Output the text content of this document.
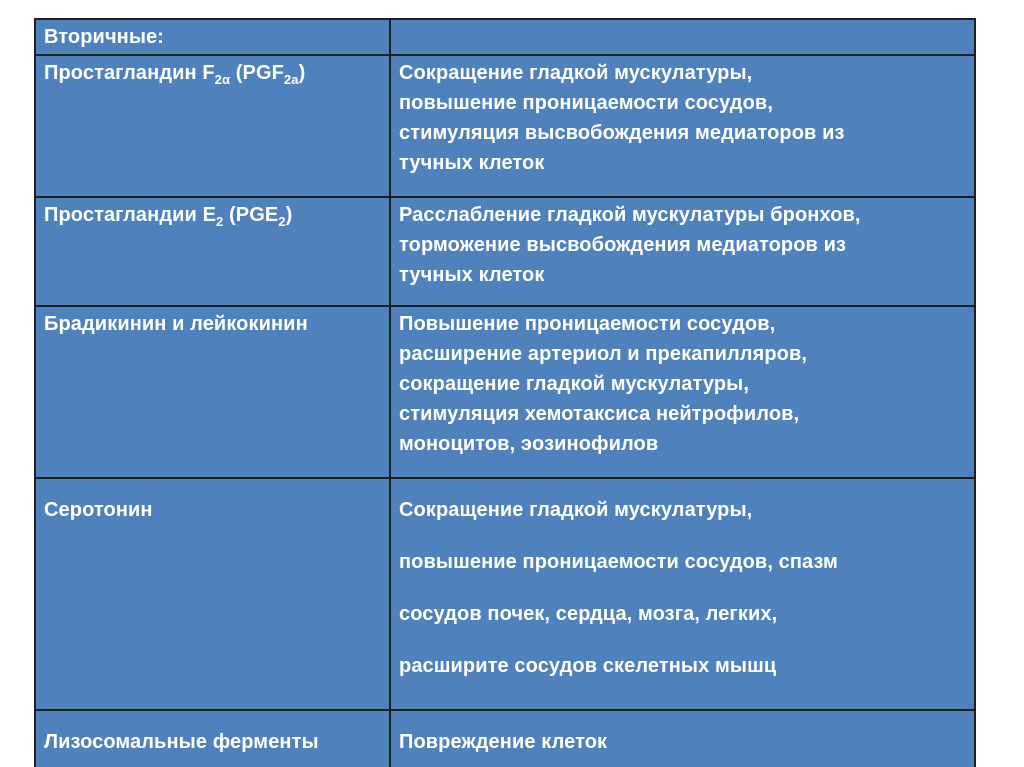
Вторичные:	
Простагландин $F_{2\alpha}$ $(PGF_{2a})$	Сокращение гладкой мускулатуры,
повышение проницаемости сосудов,
стимуляция высвобождения медиаторов из
тучных клеток

Простагландии $E_2$ $(PGE_2)$	Расслабление гладкой мускулатуры бронхов,
торможение высвобождения медиаторов из
тучных клеток

Брадикинин и лейкокинин	Повышение проницаемости сосудов,
расширение артериол и прекапилляров,
сокращение гладкой мускулатуры,
стимуляция хемотаксиса нейтрофилов,
моноцитов, эозинофилов

Серотонин	Сокращение гладкой мускулатуры,
повышение проницаемости сосудов, спазм
сосудов почек, сердца, мозга, легких,
расширите сосудов скелетных мышц

Лизосомальные ферменты	Повреждение клеток
